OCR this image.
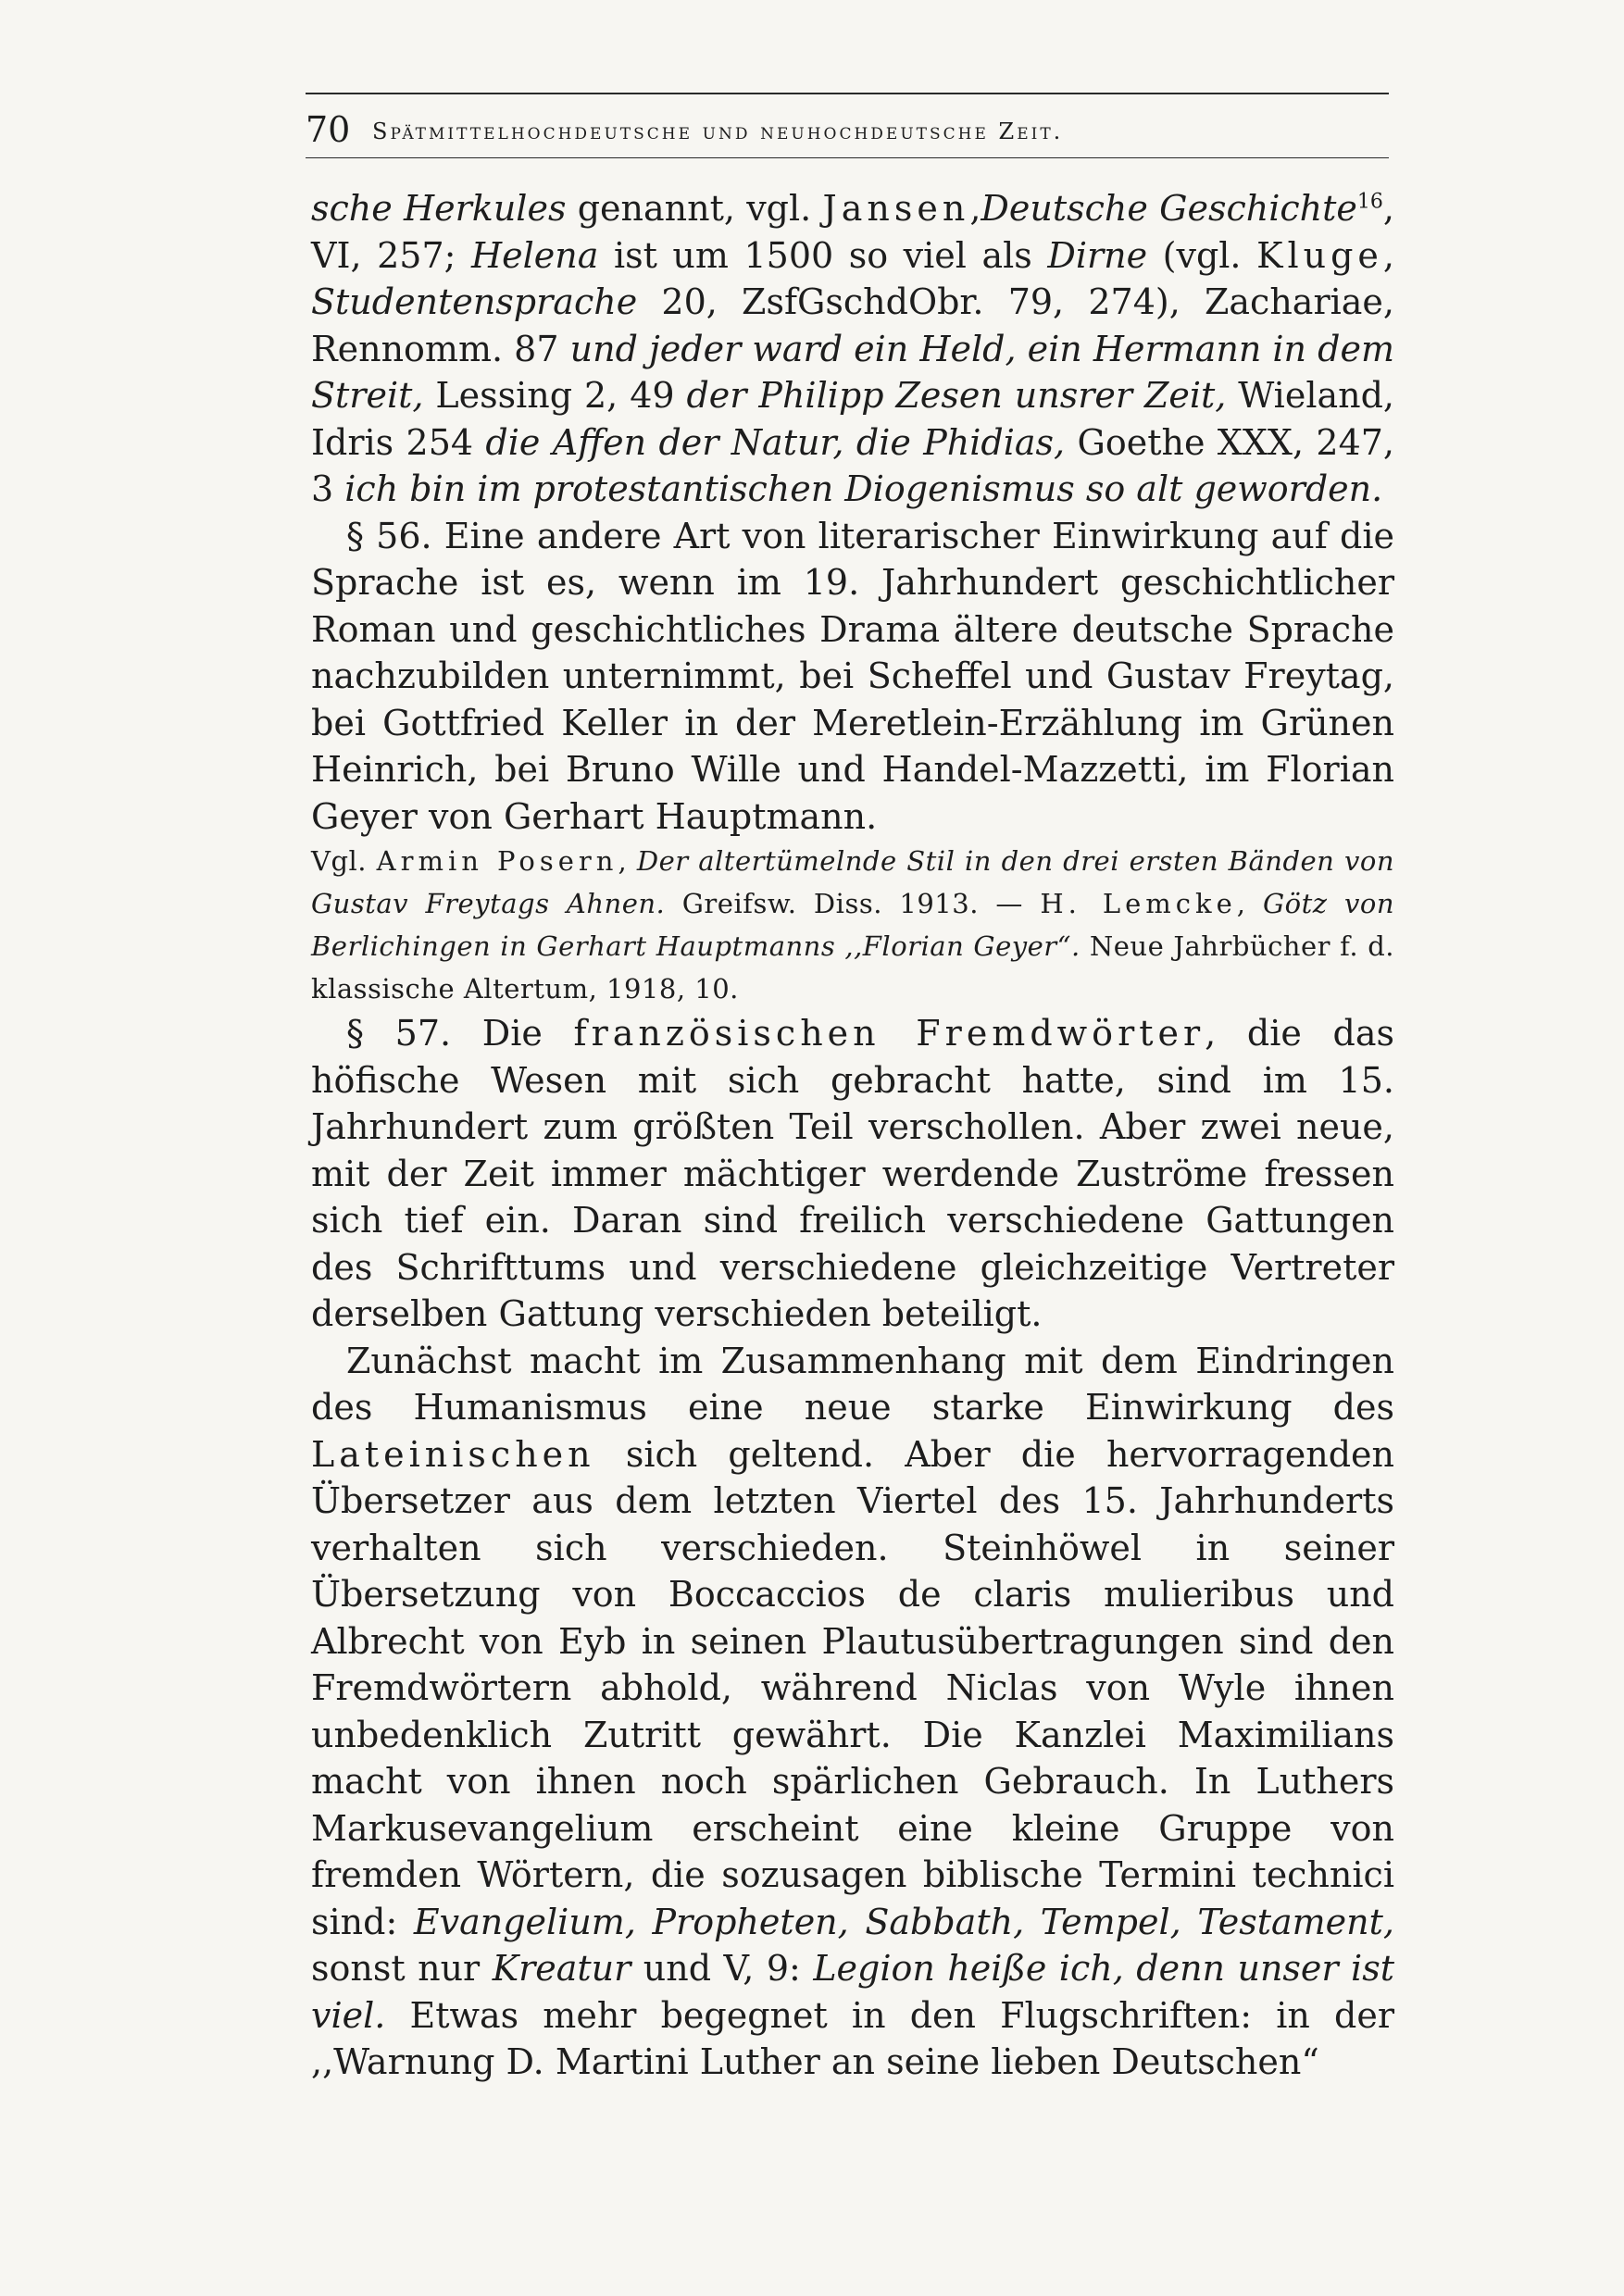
70 Spätmittelhochdeutsche und neuhochdeutsche Zeit.

sche Herkules genannt, vgl. Jansen,Deutsche Geschichte$^{16}$, VI, 257; Helena ist um 1500 so viel als Dirne (vgl. Kluge, Studentensprache 20, ZsfGschdObr. 79, 274), Zachariae, Rennomm. 87 und jeder ward ein Held, ein Hermann in dem Streit, Lessing 2, 49 der Philipp Zesen unsrer Zeit, Wieland, Idris 254 die Affen der Natur, die Phidias, Goethe XXX, 247, 3 ich bin im protestantischen Diogenismus so alt geworden.

§ 56. Eine andere Art von literarischer Einwirkung auf die Sprache ist es, wenn im 19. Jahrhundert geschichtlicher Roman und geschichtliches Drama ältere deutsche Sprache nachzubilden unternimmt, bei Scheffel und Gustav Freytag, bei Gottfried Keller in der Meretlein-Erzählung im Grünen Heinrich, bei Bruno Wille und Handel-Mazzetti, im Florian Geyer von Gerhart Hauptmann.

Vgl. Armin Posern, Der altertümelnde Stil in den drei ersten Bänden von Gustav Freytags Ahnen. Greifsw. Diss. 1913. — H. Lemcke, Götz von Berlichingen in Gerhart Hauptmanns ,,Florian Geyer“. Neue Jahrbücher f. d. klassische Altertum, 1918, 10.

§ 57. Die französischen Fremdwörter, die das höfische Wesen mit sich gebracht hatte, sind im 15. Jahrhundert zum größten Teil verschollen. Aber zwei neue, mit der Zeit immer mächtiger werdende Zuströme fressen sich tief ein. Daran sind freilich verschiedene Gattungen des Schrifttums und verschiedene gleichzeitige Vertreter derselben Gattung verschieden beteiligt.

Zunächst macht im Zusammenhang mit dem Eindringen des Humanismus eine neue starke Einwirkung des Lateinischen sich geltend. Aber die hervorragenden Übersetzer aus dem letzten Viertel des 15. Jahrhunderts verhalten sich verschieden. Steinhöwel in seiner Übersetzung von Boccaccios de claris mulieribus und Albrecht von Eyb in seinen Plautusübertragungen sind den Fremdwörtern abhold, während Niclas von Wyle ihnen unbedenklich Zutritt gewährt. Die Kanzlei Maximilians macht von ihnen noch spärlichen Gebrauch. In Luthers Markusevangelium erscheint eine kleine Gruppe von fremden Wörtern, die sozusagen biblische Termini technici sind: Evangelium, Propheten, Sabbath, Tempel, Testament, sonst nur Kreatur und V, 9: Legion heiße ich, denn unser ist viel. Etwas mehr begegnet in den Flugschriften: in der ,,Warnung D. Martini Luther an seine lieben Deutschen“
